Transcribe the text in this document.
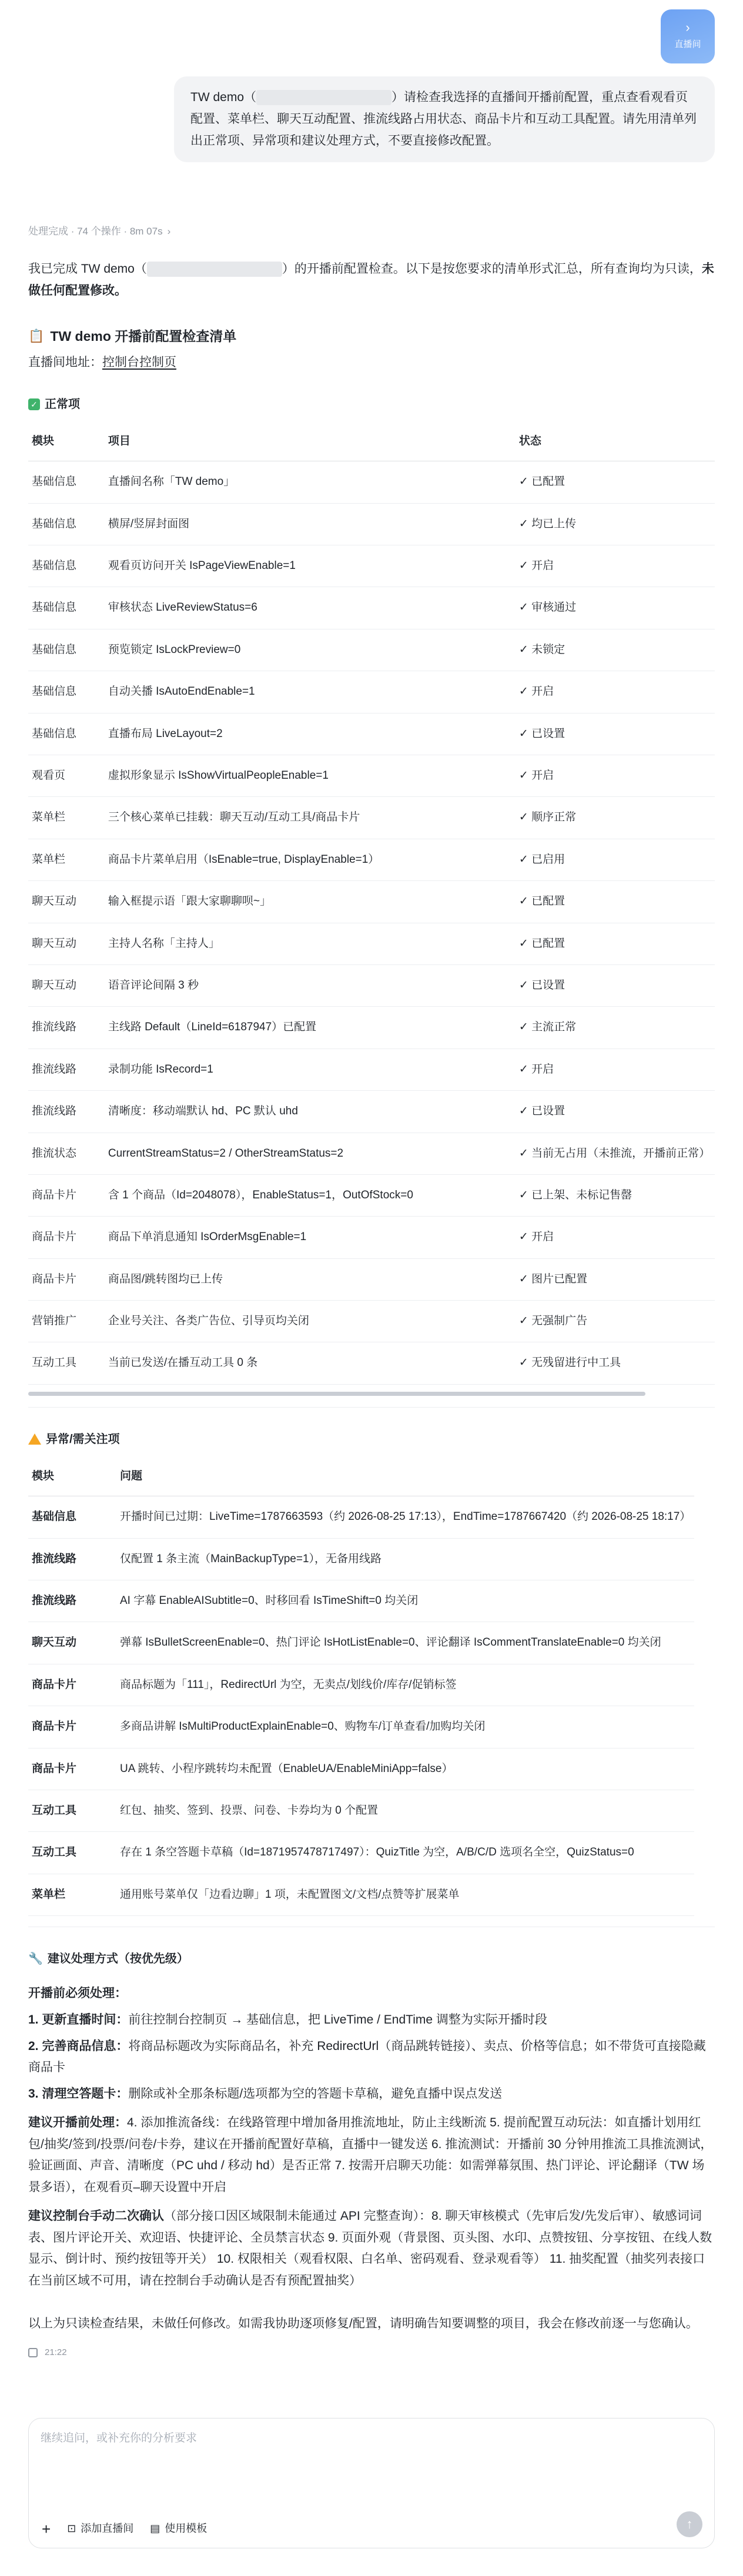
›
直播间
TW demo（	）请检查我选择的直播间开播前配置，重点查看观看页配置、菜单栏、聊天互动配置、推流线路占用状态、商品卡片和互动工具配置。请先用清单列出正常项、异常项和建议处理方式，不要直接修改配置。
处理完成 · 74 个操作 · 8m 07s ›

我已完成 TW demo（	）的开播前配置检查。以下是按您要求的清单形式汇总，所有查询均为只读，未做任何配置修改。

📋 TW demo 开播前配置检查清单
直播间地址：控制台控制页
✓ 正常项
模块	项目	状态
基础信息	直播间名称「TW demo」	✓ 已配置
基础信息	横屏/竖屏封面图	✓ 均已上传
基础信息	观看页访问开关 IsPageViewEnable=1	✓ 开启
基础信息	审核状态 LiveReviewStatus=6	✓ 审核通过
基础信息	预览锁定 IsLockPreview=0	✓ 未锁定
基础信息	自动关播 IsAutoEndEnable=1	✓ 开启
基础信息	直播布局 LiveLayout=2	✓ 已设置
观看页	虚拟形象显示 IsShowVirtualPeopleEnable=1	✓ 开启
菜单栏	三个核心菜单已挂载：聊天互动/互动工具/商品卡片	✓ 顺序正常
菜单栏	商品卡片菜单启用（IsEnable=true, DisplayEnable=1）	✓ 已启用
聊天互动	输入框提示语「跟大家聊聊呗~」	✓ 已配置
聊天互动	主持人名称「主持人」	✓ 已配置
聊天互动	语音评论间隔 3 秒	✓ 已设置
推流线路	主线路 Default（LineId=6187947）已配置	✓ 主流正常
推流线路	录制功能 IsRecord=1	✓ 开启
推流线路	清晰度：移动端默认 hd、PC 默认 uhd	✓ 已设置
推流状态	CurrentStreamStatus=2 / OtherStreamStatus=2	✓ 当前无占用（未推流，开播前正常）
商品卡片	含 1 个商品（Id=2048078），EnableStatus=1，OutOfStock=0	✓ 已上架、未标记售罄
商品卡片	商品下单消息通知 IsOrderMsgEnable=1	✓ 开启
商品卡片	商品图/跳转图均已上传	✓ 图片已配置
营销推广	企业号关注、各类广告位、引导页均关闭	✓ 无强制广告
互动工具	当前已发送/在播互动工具 0 条	✓ 无残留进行中工具
异常/需关注项
模块	问题
基础信息	开播时间已过期：LiveTime=1787663593（约 2026-08-25 17:13），EndTime=1787667420（约 2026-08-25 18:17）
推流线路	仅配置 1 条主流（MainBackupType=1），无备用线路
推流线路	AI 字幕 EnableAISubtitle=0、时移回看 IsTimeShift=0 均关闭
聊天互动	弹幕 IsBulletScreenEnable=0、热门评论 IsHotListEnable=0、评论翻译 IsCommentTranslateEnable=0 均关闭
商品卡片	商品标题为「111」，RedirectUrl 为空，无卖点/划线价/库存/促销标签
商品卡片	多商品讲解 IsMultiProductExplainEnable=0、购物车/订单查看/加购均关闭
商品卡片	UA 跳转、小程序跳转均未配置（EnableUA/EnableMiniApp=false）
互动工具	红包、抽奖、签到、投票、问卷、卡券均为 0 个配置
互动工具	存在 1 条空答题卡草稿（Id=1871957478717497）：QuizTitle 为空，A/B/C/D 选项名全空，QuizStatus=0
菜单栏	通用账号菜单仅「边看边聊」1 项，未配置图文/文档/点赞等扩展菜单
🔧 建议处理方式（按优先级）
开播前必须处理：
1. 更新直播时间：前往控制台控制页 → 基础信息，把 LiveTime / EndTime 调整为实际开播时段
2. 完善商品信息：将商品标题改为实际商品名，补充 RedirectUrl（商品跳转链接）、卖点、价格等信息；如不带货可直接隐藏商品卡
3. 清理空答题卡：删除或补全那条标题/选项都为空的答题卡草稿，避免直播中误点发送

建议开播前处理：4. 添加推流备线：在线路管理中增加备用推流地址，防止主线断流 5. 提前配置互动玩法：如直播计划用红包/抽奖/签到/投票/问卷/卡券，建议在开播前配置好草稿，直播中一键发送 6. 推流测试：开播前 30 分钟用推流工具推流测试，验证画面、声音、清晰度（PC uhd / 移动 hd）是否正常 7. 按需开启聊天功能：如需弹幕氛围、热门评论、评论翻译（TW 场景多语），在观看页–聊天设置中开启

建议控制台手动二次确认（部分接口因区域限制未能通过 API 完整查询）：8. 聊天审核模式（先审后发/先发后审）、敏感词词表、图片评论开关、欢迎语、快捷评论、全员禁言状态 9. 页面外观（背景图、页头图、水印、点赞按钮、分享按钮、在线人数显示、倒计时、预约按钮等开关） 10. 权限相关（观看权限、白名单、密码观看、登录观看等） 11. 抽奖配置（抽奖列表接口在当前区域不可用，请在控制台手动确认是否有预配置抽奖）

以上为只读检查结果，未做任何修改。如需我协助逐项修复/配置，请明确告知要调整的项目，我会在修改前逐一与您确认。

21:22
继续追问，或补充你的分析要求
+ ⊡ 添加直播间 ▤ 使用模板	↑
